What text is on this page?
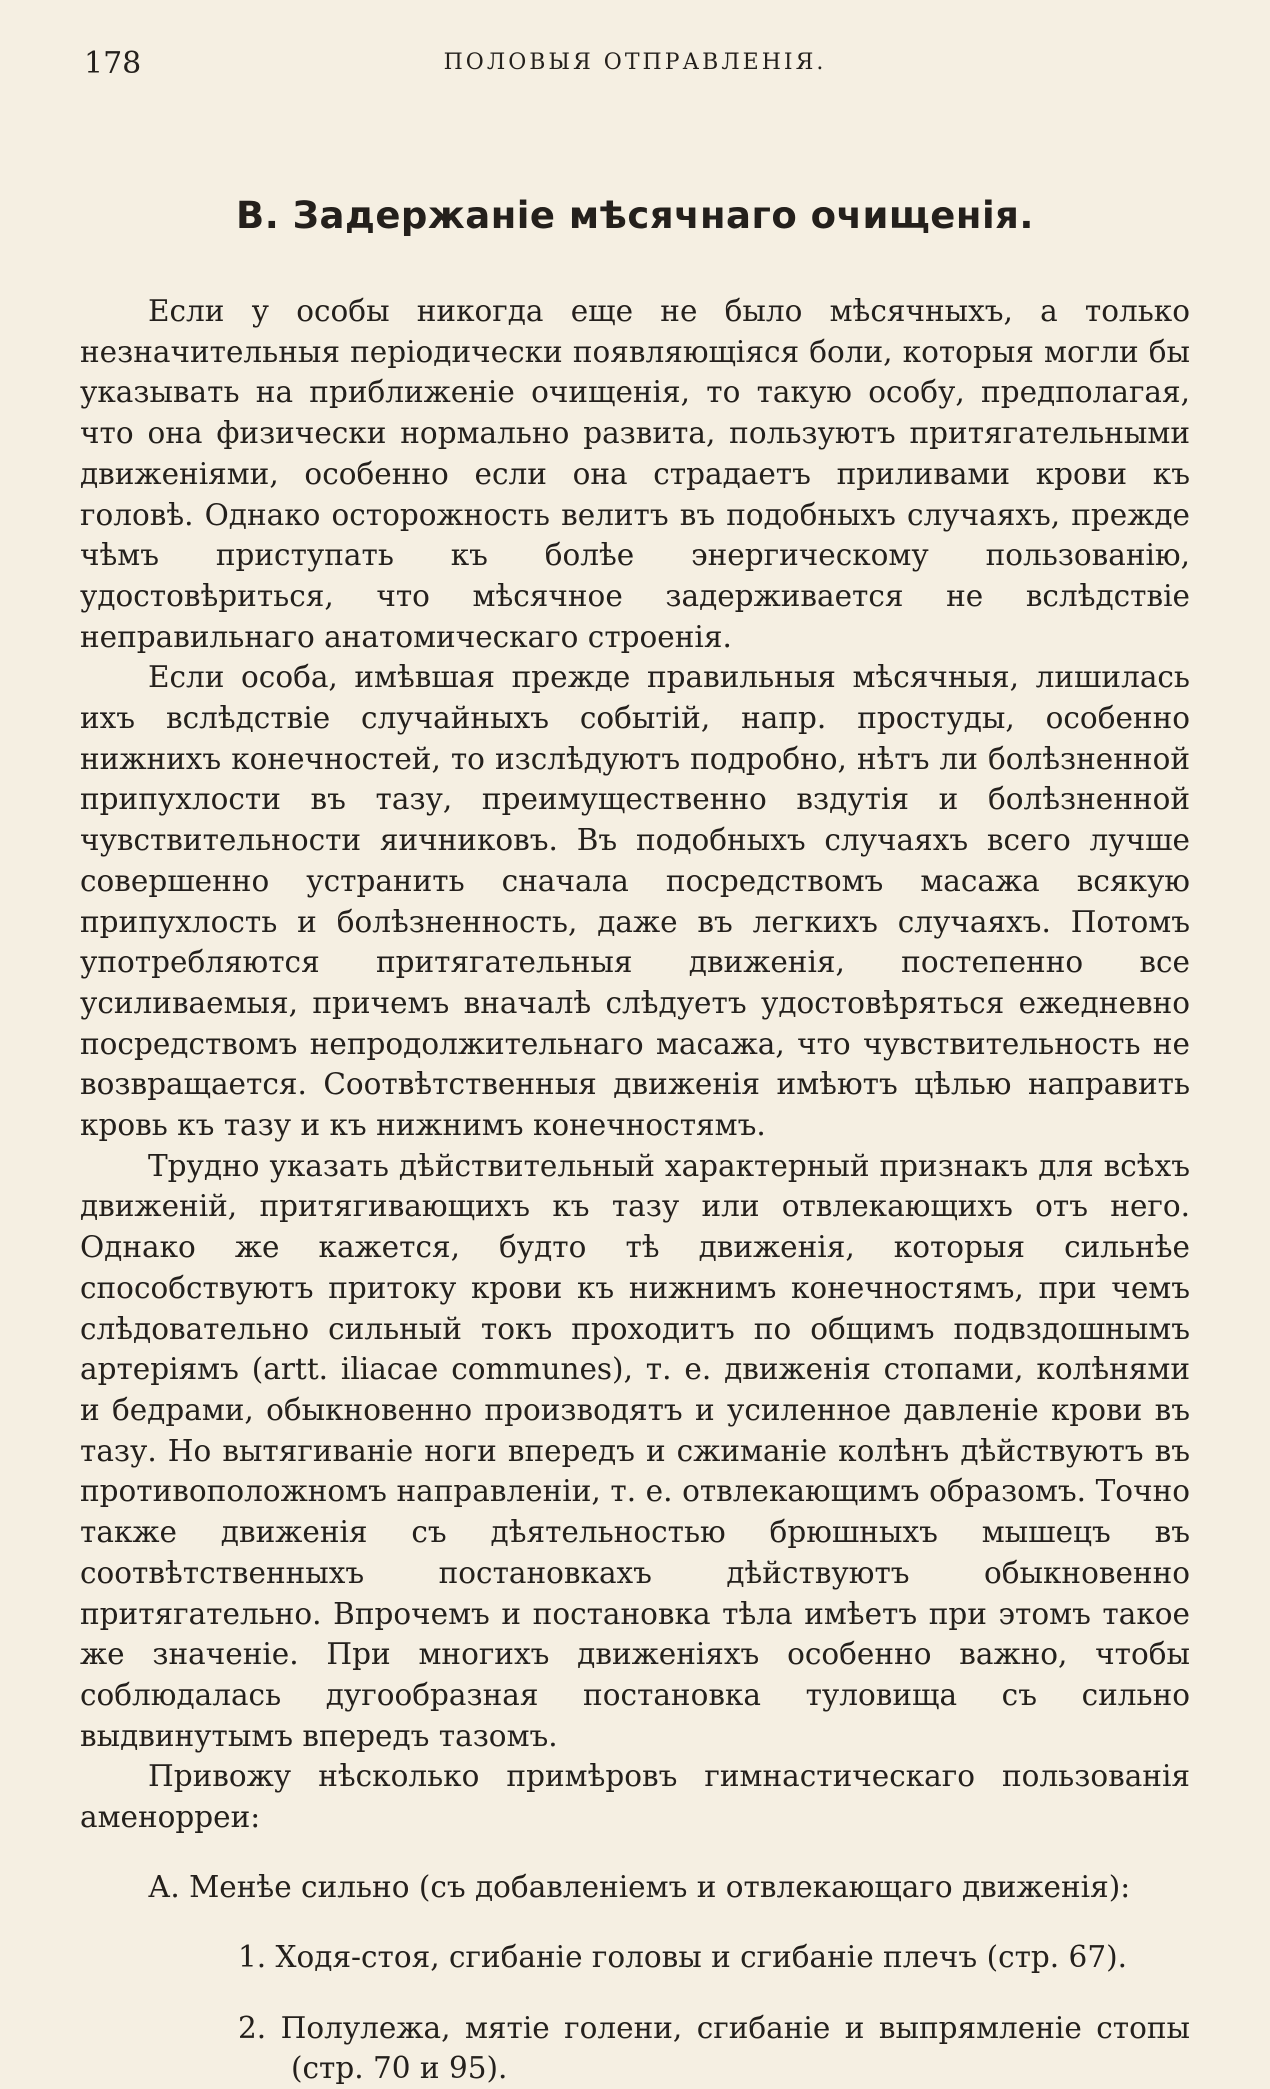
178	ПОЛОВЫЯ ОТПРАВЛЕНІЯ.
B. Задержаніе мѣсячнаго очищенія.

Если у особы никогда еще не было мѣсячныхъ, а только незначительныя періодически появляющіяся боли, которыя могли бы указывать на приближеніе очищенія, то такую особу, предполагая, что она физически нормально развита, пользуютъ притягательными движеніями, особенно если она страдаетъ приливами крови къ головѣ. Однако осторожность велитъ въ подобныхъ случаяхъ, прежде чѣмъ приступать къ болѣе энергическому пользованію, удостовѣриться, что мѣсячное задерживается не вслѣдствіе неправильнаго анатомическаго строенія.

Если особа, имѣвшая прежде правильныя мѣсячныя, лишилась ихъ вслѣдствіе случайныхъ событій, напр. простуды, особенно нижнихъ конечностей, то изслѣдуютъ подробно, нѣтъ ли болѣзненной припухлости въ тазу, преимущественно вздутія и болѣзненной чувствительности яичниковъ. Въ подобныхъ случаяхъ всего лучше совершенно устранить сначала посредствомъ масажа всякую припухлость и болѣзненность, даже въ легкихъ случаяхъ. Потомъ употребляются притягательныя движенія, постепенно все усиливаемыя, причемъ вначалѣ слѣдуетъ удостовѣряться ежедневно посредствомъ непродолжительнаго масажа, что чувствительность не возвращается. Соотвѣтственныя движенія имѣютъ цѣлью направить кровь къ тазу и къ нижнимъ конечностямъ.

Трудно указать дѣйствительный характерный признакъ для всѣхъ движеній, притягивающихъ къ тазу или отвлекающихъ отъ него. Однако же кажется, будто тѣ движенія, которыя сильнѣе способствуютъ притоку крови къ нижнимъ конечностямъ, при чемъ слѣдовательно сильный токъ проходитъ по общимъ подвздошнымъ артеріямъ (artt. iliacae communes), т. е. движенія стопами, колѣнями и бедрами, обыкновенно производятъ и усиленное давленіе крови въ тазу. Но вытягиваніе ноги впередъ и сжиманіе колѣнъ дѣйствуютъ въ противоположномъ направленіи, т. е. отвлекающимъ образомъ. Точно также движенія съ дѣятельностью брюшныхъ мышецъ въ соотвѣтственныхъ постановкахъ дѣйствуютъ обыкновенно притягательно. Впрочемъ и постановка тѣла имѣетъ при этомъ такое же значеніе. При многихъ движеніяхъ особенно важно, чтобы соблюдалась дугообразная постановка туловища съ сильно выдвинутымъ впередъ тазомъ.

Привожу нѣсколько примѣровъ гимнастическаго пользованія аменорреи:

А. Менѣе сильно (съ добавленіемъ и отвлекающаго движенія):

1. Ходя-стоя, сгибаніе головы и сгибаніе плечъ (стр. 67).

2. Полулежа, мятіе голени, сгибаніе и выпрямленіе стопы (стр. 70 и 95).
